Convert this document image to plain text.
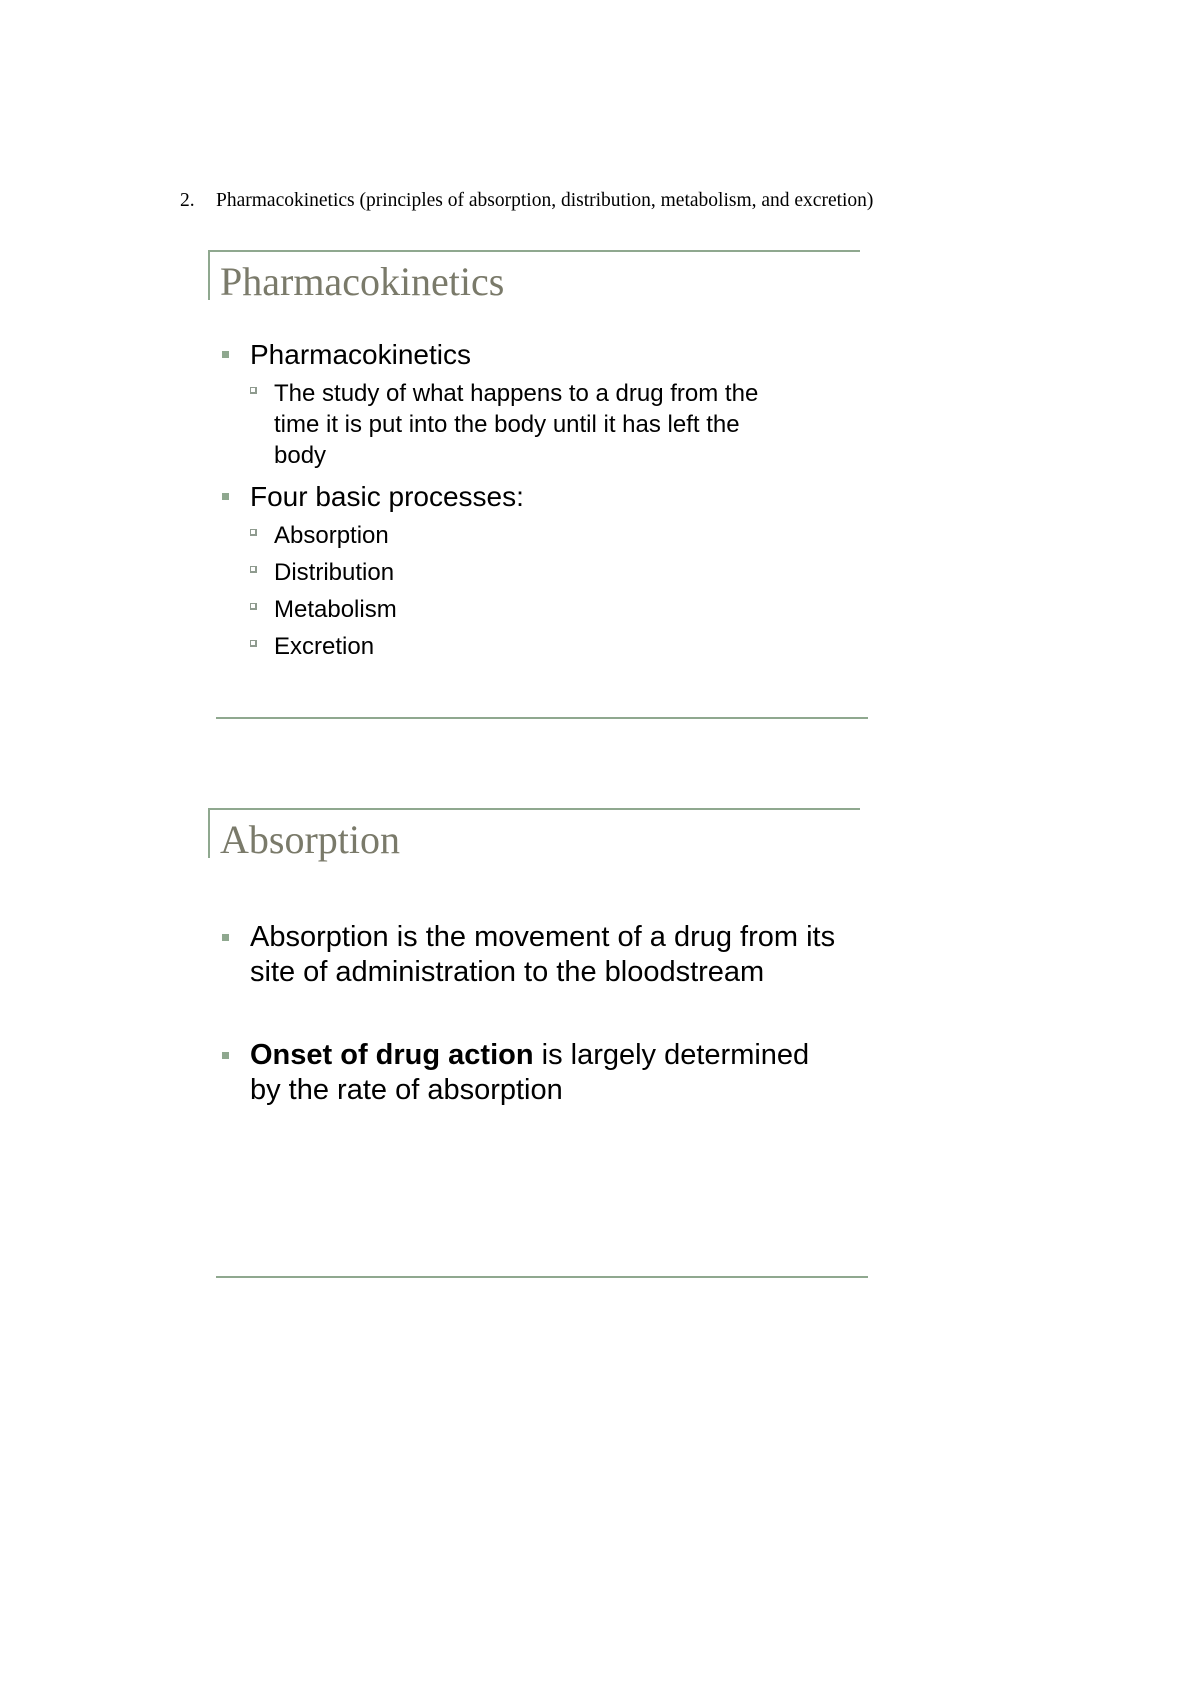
2. Pharmacokinetics (principles of absorption, distribution, metabolism, and excretion)
Pharmacokinetics
Pharmacokinetics
The study of what happens to a drug from the
time it is put into the body until it has left the
body
Four basic processes:
Absorption
Distribution
Metabolism
Excretion
Absorption
Absorption is the movement of a drug from its
site of administration to the bloodstream
Onset of drug action is largely determined
by the rate of absorption
